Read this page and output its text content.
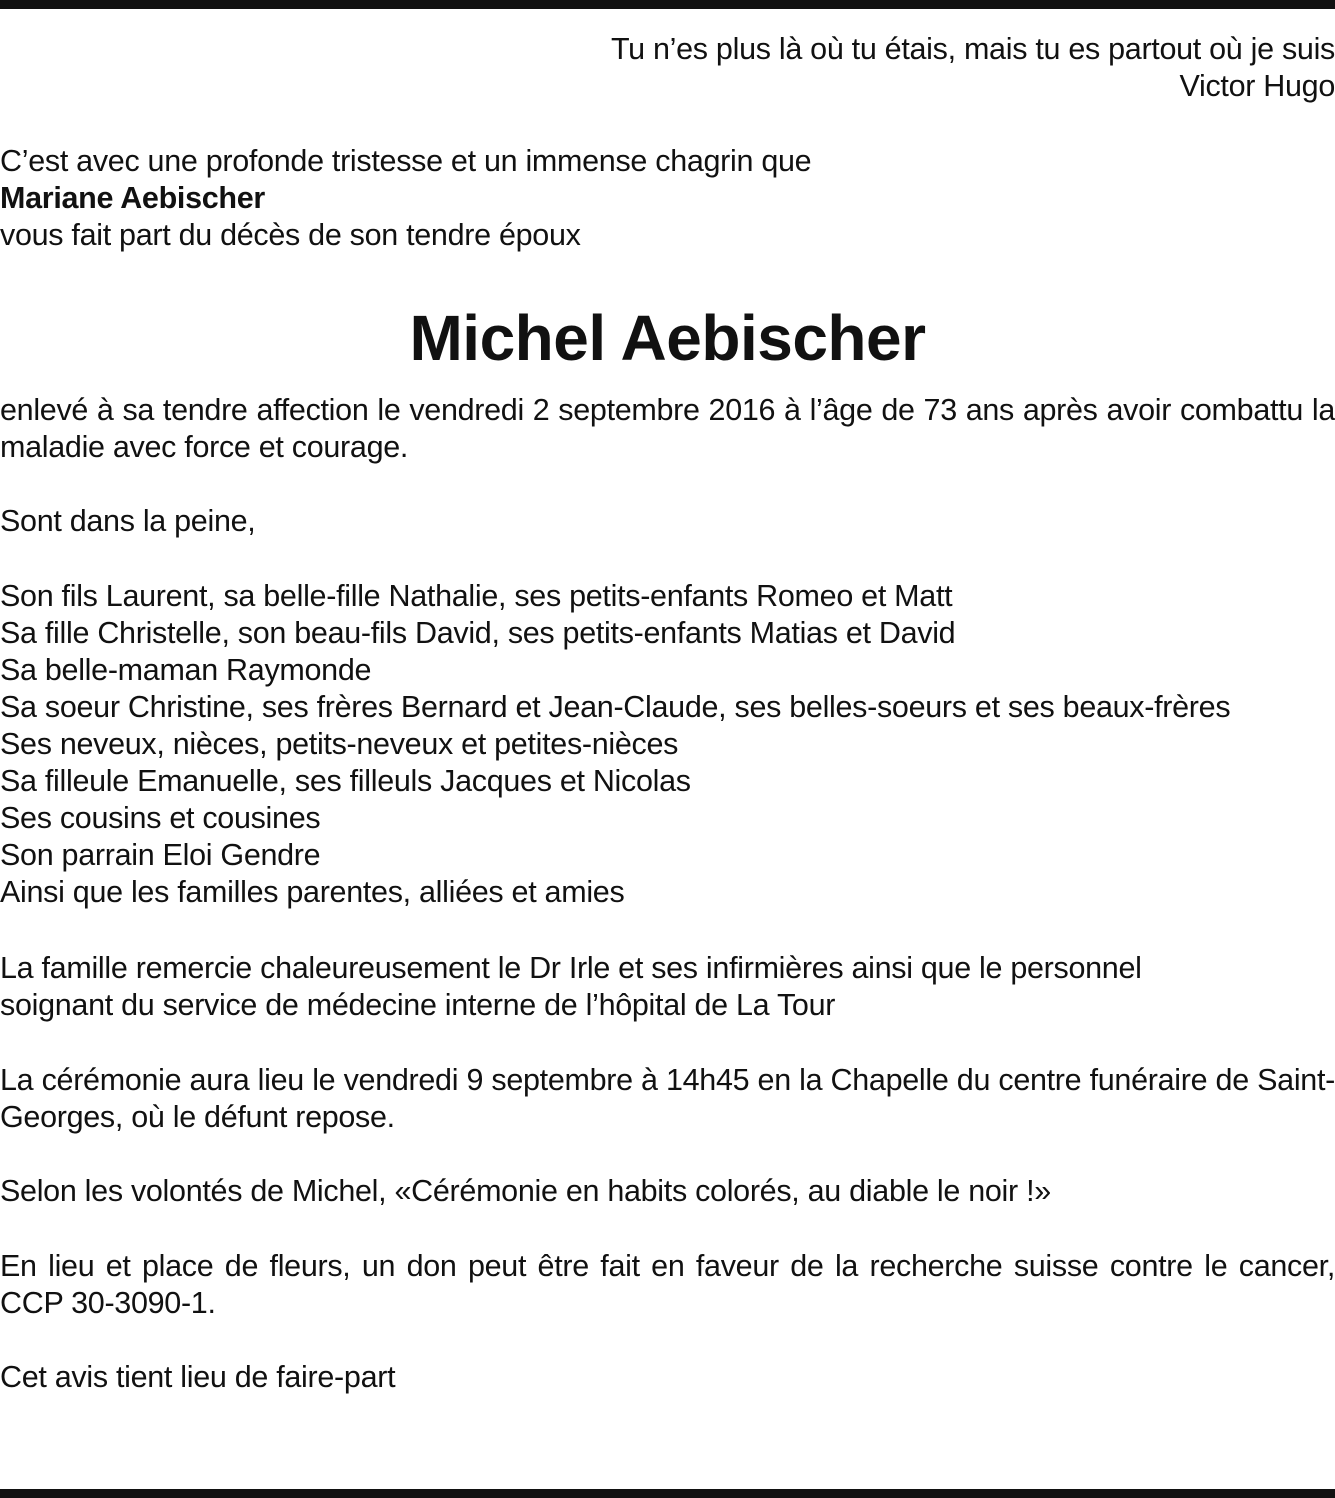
Tu n’es plus là où tu étais, mais tu es partout où je suis

Victor Hugo

C’est avec une profonde tristesse et un immense chagrin que

Mariane Aebischer

vous fait part du décès de son tendre époux

Michel Aebischer
enlevé à sa tendre affection le vendredi 2 septembre 2016 à l’âge de 73 ans après avoir combattu la maladie avec force et courage.
Sont dans la peine,

Son fils Laurent, sa belle-fille Nathalie, ses petits-enfants Romeo et Matt

Sa fille Christelle, son beau-fils David, ses petits-enfants Matias et David

Sa belle-maman Raymonde

Sa soeur Christine, ses frères Bernard et Jean-Claude, ses belles-soeurs et ses beaux-frères

Ses neveux, nièces, petits-neveux et petites-nièces

Sa filleule Emanuelle, ses filleuls Jacques et Nicolas

Ses cousins et cousines

Son parrain Eloi Gendre

Ainsi que les familles parentes, alliées et amies

La famille remercie chaleureusement le Dr Irle et ses infirmières ainsi que le personnel soignant du service de médecine interne de l’hôpital de La Tour
La cérémonie aura lieu le vendredi 9 septembre à 14h45 en la Chapelle du centre funéraire de Saint-Georges, où le défunt repose.
Selon les volontés de Michel, «Cérémonie en habits colorés, au diable le noir !»
En lieu et place de fleurs, un don peut être fait en faveur de la recherche suisse contre le cancer, CCP 30-3090-1.
Cet avis tient lieu de faire-part
